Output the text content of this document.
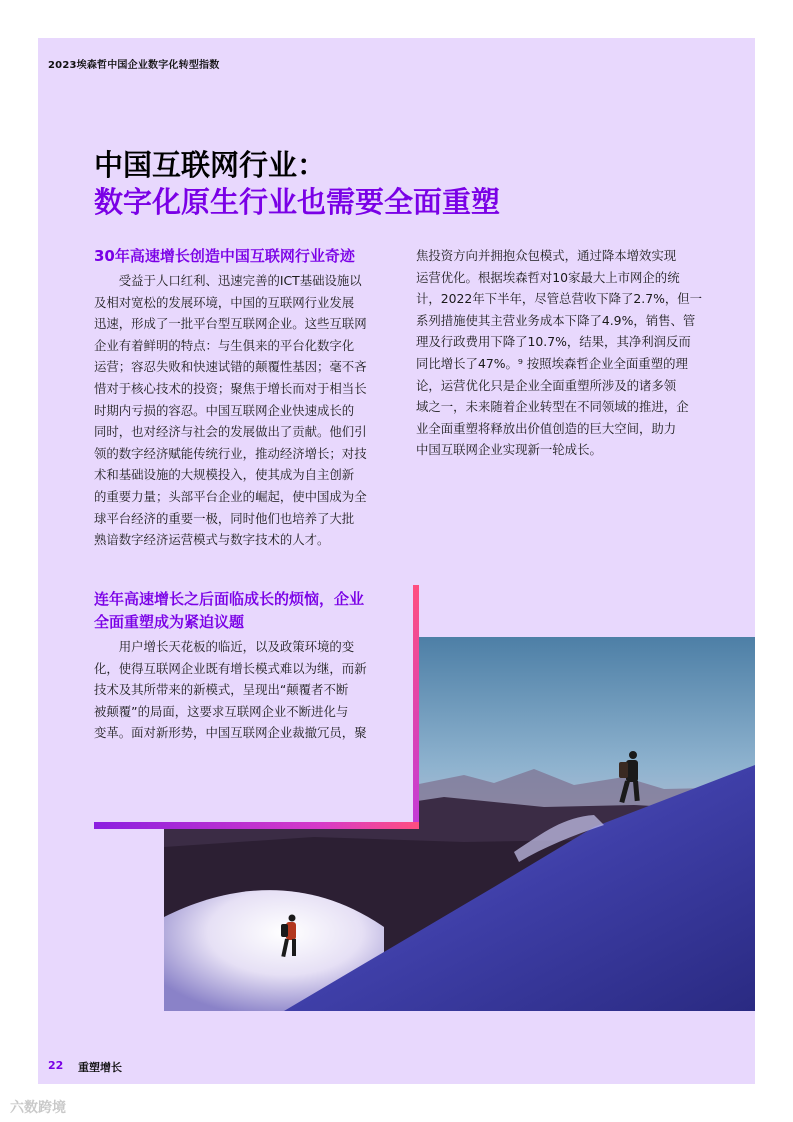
2023埃森哲中国企业数字化转型指数
中国互联网行业：
数字化原生行业也需要全面重塑
30年高速增长创造中国互联网行业奇迹
　　受益于人口红利、迅速完善的ICT基础设施以
及相对宽松的发展环境，中国的互联网行业发展
迅速，形成了一批平台型互联网企业。这些互联网
企业有着鲜明的特点：与生俱来的平台化数字化
运营；容忍失败和快速试错的颠覆性基因；毫不吝
惜对于核心技术的投资；聚焦于增长而对于相当长
时期内亏损的容忍。中国互联网企业快速成长的
同时，也对经济与社会的发展做出了贡献。他们引
领的数字经济赋能传统行业，推动经济增长；对技
术和基础设施的大规模投入，使其成为自主创新
的重要力量；头部平台企业的崛起，使中国成为全
球平台经济的重要一极，同时他们也培养了大批
熟谙数字经济运营模式与数字技术的人才。
连年高速增长之后面临成长的烦恼，企业
全面重塑成为紧迫议题
　　用户增长天花板的临近，以及政策环境的变
化，使得互联网企业既有增长模式难以为继，而新
技术及其所带来的新模式，呈现出“颠覆者不断
被颠覆”的局面，这要求互联网企业不断进化与
变革。面对新形势，中国互联网企业裁撤冗员，聚
焦投资方向并拥抱众包模式，通过降本增效实现
运营优化。根据埃森哲对10家最大上市网企的统
计，2022年下半年，尽管总营收下降了2.7%，但一
系列措施使其主营业务成本下降了4.9%，销售、管
理及行政费用下降了10.7%，结果，其净利润反而
同比增长了47%。⁹ 按照埃森哲企业全面重塑的理
论，运营优化只是企业全面重塑所涉及的诸多领
域之一，未来随着企业转型在不同领域的推进，企
业全面重塑将释放出价值创造的巨大空间，助力
中国互联网企业实现新一轮成长。
22 重塑增长
六数跨境
